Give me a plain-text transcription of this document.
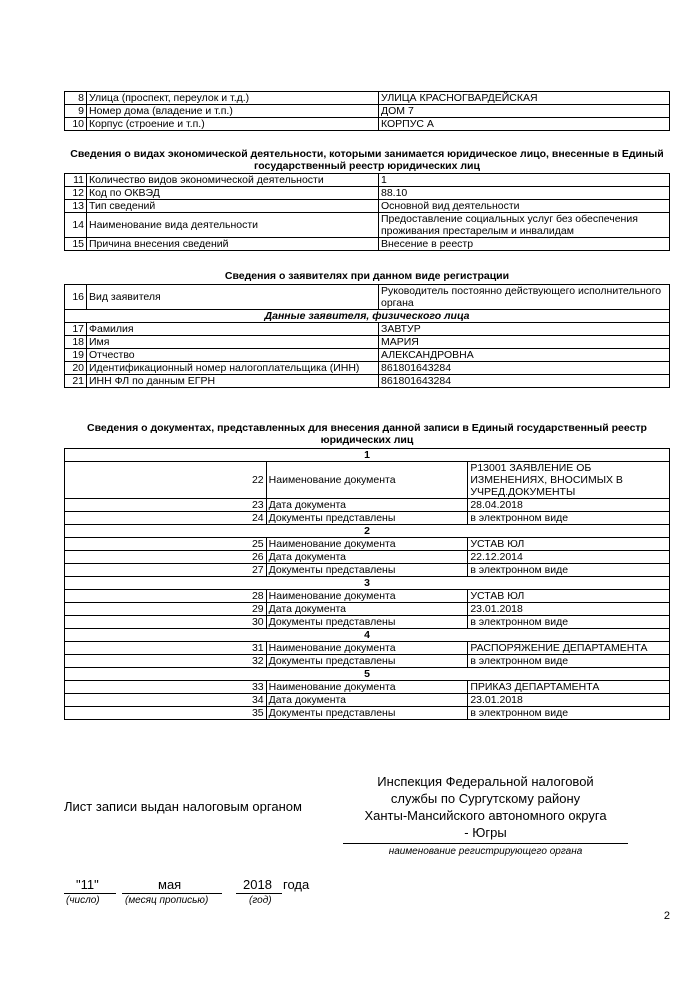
8	Улица (проспект, переулок и т.д.)	УЛИЦА КРАСНОГВАРДЕЙСКАЯ
9	Номер дома (владение и т.п.)	ДОМ 7
10	Корпус (строение и т.п.)	КОРПУС А
Сведения о видах экономической деятельности, которыми занимается юридическое лицо, внесенные в Единый государственный реестр юридических лиц
11	Количество видов экономической деятельности	1
12	Код по ОКВЭД	88.10
13	Тип сведений	Основной вид деятельности
14	Наименование вида деятельности	Предоставление социальных услуг без обеспечения проживания престарелым и инвалидам
15	Причина внесения сведений	Внесение в реестр
Сведения о заявителях при данном виде регистрации
16	Вид заявителя	Руководитель постоянно действующего исполнительного органа
Данные заявителя, физического лица		
17	Фамилия	ЗАВТУР
18	Имя	МАРИЯ
19	Отчество	АЛЕКСАНДРОВНА
20	Идентификационный номер налогоплательщика (ИНН)	861801643284
21	ИНН ФЛ по данным ЕГРН	861801643284
Сведения о документах, представленных для внесения данной записи в Единый государственный реестр юридических лиц
1		
22	Наименование документа	Р13001 ЗАЯВЛЕНИЕ ОБ ИЗМЕНЕНИЯХ, ВНОСИМЫХ В УЧРЕД.ДОКУМЕНТЫ
23	Дата документа	28.04.2018
24	Документы представлены	в электронном виде
2		
25	Наименование документа	УСТАВ ЮЛ
26	Дата документа	22.12.2014
27	Документы представлены	в электронном виде
3		
28	Наименование документа	УСТАВ ЮЛ
29	Дата документа	23.01.2018
30	Документы представлены	в электронном виде
4		
31	Наименование документа	РАСПОРЯЖЕНИЕ ДЕПАРТАМЕНТА
32	Документы представлены	в электронном виде
5		
33	Наименование документа	ПРИКАЗ ДЕПАРТАМЕНТА
34	Дата документа	23.01.2018
35	Документы представлены	в электронном виде
Лист записи выдан налоговым органом
Инспекция Федеральной налоговой
службы по Сургутскому району
Ханты-Мансийского автономного округа
- Югры
наименование регистрирующего органа
"11"	мая	2018 года
(число)	(месяц прописью)	(год)
2
